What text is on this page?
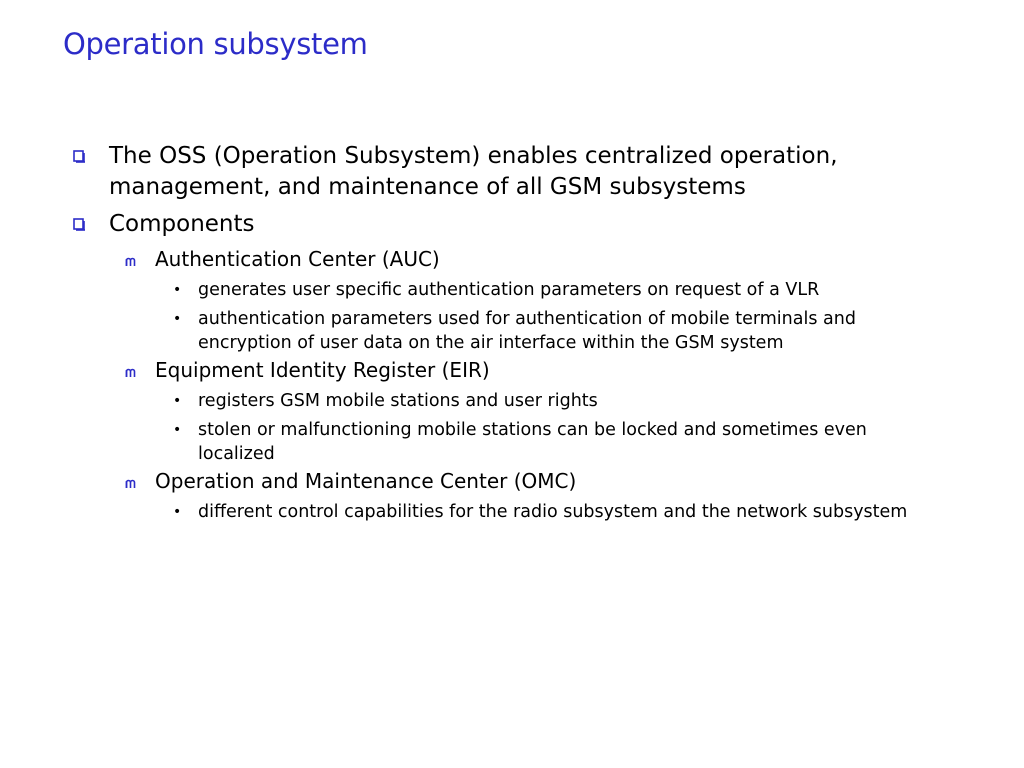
Operation subsystem
The OSS (Operation Subsystem) enables centralized operation, management, and maintenance of all GSM subsystems
Components
Authentication Center (AUC)
• generates user specific authentication parameters on request of a VLR
• authentication parameters used for authentication of mobile terminals and encryption of user data on the air interface within the GSM system
Equipment Identity Register (EIR)
• registers GSM mobile stations and user rights
• stolen or malfunctioning mobile stations can be locked and sometimes even localized
Operation and Maintenance Center (OMC)
• different control capabilities for the radio subsystem and the network subsystem
